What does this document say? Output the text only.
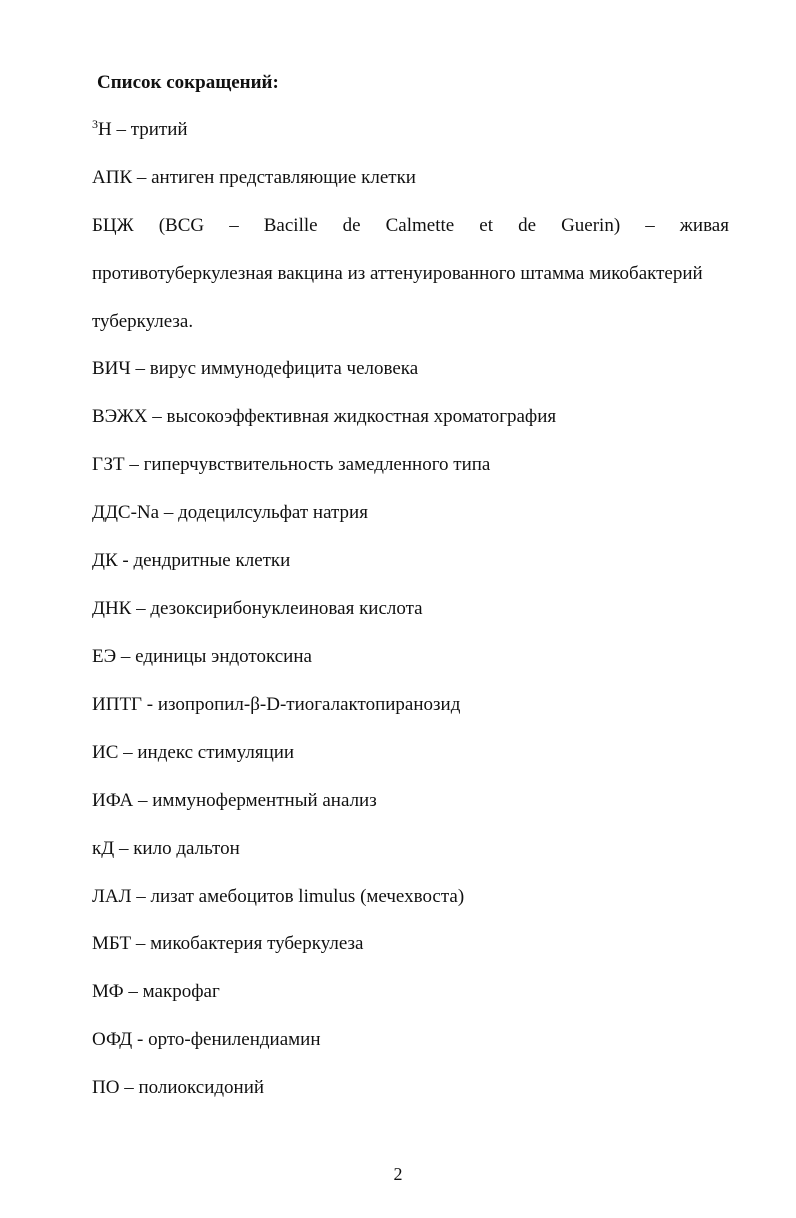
Список сокращений:
$^3$H – тритий
АПК – антиген представляющие клетки
БЦЖ (BCG – Bacille de Calmette et de Guerin) – живая
противотуберкулезная вакцина из аттенуированного штамма микобактерий
туберкулеза.
ВИЧ – вирус иммунодефицита человека
ВЭЖХ – высокоэффективная жидкостная хроматография
ГЗТ – гиперчувствительность замедленного типа
ДДС-Na – додецилсульфат натрия
ДК - дендритные клетки
ДНК – дезоксирибонуклеиновая кислота
ЕЭ – единицы эндотоксина
ИПТГ - изопропил-β-D-тиогалактопиранозид
ИС – индекс стимуляции
ИФА – иммуноферментный анализ
кД – кило дальтон
ЛАЛ – лизат амебоцитов limulus (мечехвоста)
МБТ – микобактерия туберкулеза
МФ – макрофаг
ОФД - орто-фенилендиамин
ПО – полиоксидоний
2
